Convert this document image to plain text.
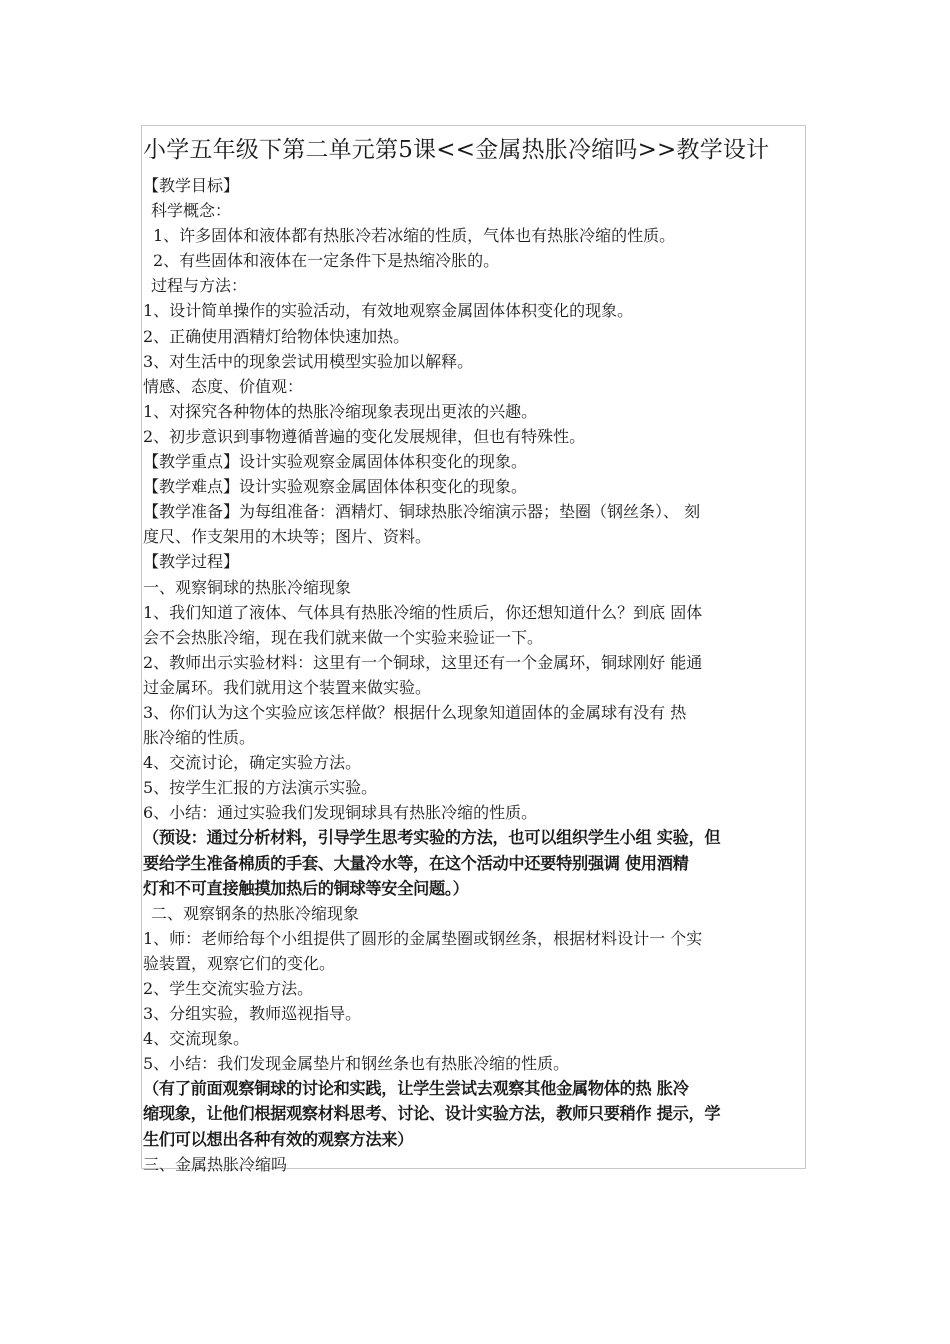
小学五年级下第二单元第5课<<金属热胀冷缩吗>>教学设计
【教学目标】
科学概念：
1、许多固体和液体都有热胀冷若冰缩的性质，气体也有热胀冷缩的性质。
2、有些固体和液体在一定条件下是热缩冷胀的。
过程与方法：
1、设计简单操作的实验活动，有效地观察金属固体体积变化的现象。
2、正确使用酒精灯给物体快速加热。
3、对生活中的现象尝试用模型实验加以解释。
情感、态度、价值观：
1、对探究各种物体的热胀冷缩现象表现出更浓的兴趣。
2、初步意识到事物遵循普遍的变化发展规律，但也有特殊性。
【教学重点】设计实验观察金属固体体积变化的现象。
【教学难点】设计实验观察金属固体体积变化的现象。
【教学准备】为每组准备：酒精灯、铜球热胀冷缩演示器；垫圈（钢丝条）、 刻
度尺、作支架用的木块等；图片、资料。
【教学过程】
一、观察铜球的热胀冷缩现象
1、我们知道了液体、气体具有热胀冷缩的性质后，你还想知道什么？到底 固体
会不会热胀冷缩，现在我们就来做一个实验来验证一下。
2、教师出示实验材料：这里有一个铜球，这里还有一个金属环，铜球刚好 能通
过金属环。我们就用这个装置来做实验。
3、你们认为这个实验应该怎样做？根据什么现象知道固体的金属球有没有 热
胀冷缩的性质。
4、交流讨论，确定实验方法。
5、按学生汇报的方法演示实验。
6、小结：通过实验我们发现铜球具有热胀冷缩的性质。
（预设：通过分析材料，引导学生思考实验的方法，也可以组织学生小组 实验，但
要给学生准备棉质的手套、大量冷水等，在这个活动中还要特别强调 使用酒精
灯和不可直接触摸加热后的铜球等安全问题。）
二、观察钢条的热胀冷缩现象
1、师：老师给每个小组提供了圆形的金属垫圈或钢丝条，根据材料设计一 个实
验装置，观察它们的变化。
2、学生交流实验方法。
3、分组实验，教师巡视指导。
4、交流现象。
5、小结：我们发现金属垫片和钢丝条也有热胀冷缩的性质。
（有了前面观察铜球的讨论和实践，让学生尝试去观察其他金属物体的热 胀冷
缩现象，让他们根据观察材料思考、讨论、设计实验方法，教师只要稍作 提示，学
生们可以想出各种有效的观察方法来）
三、金属热胀冷缩吗
